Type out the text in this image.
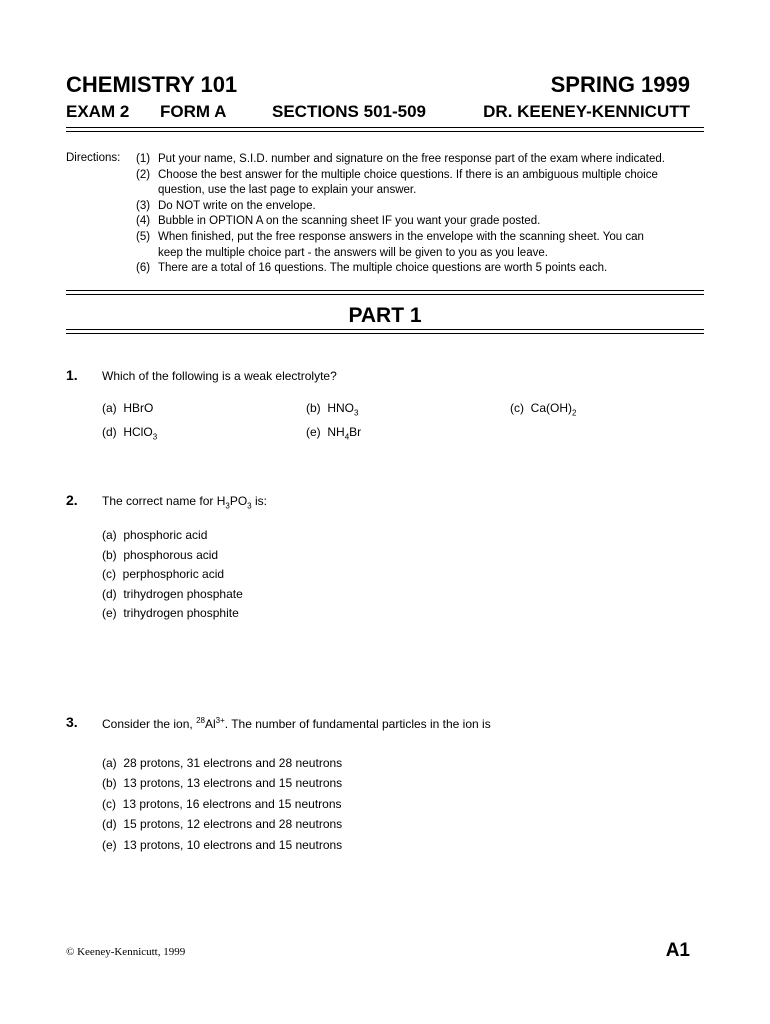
CHEMISTRY 101	SPRING 1999
EXAM 2 FORM A	SECTIONS 501-509	DR. KEENEY-KENNICUTT
Directions: (1) Put your name, S.I.D. number and signature on the free response part of the exam where indicated.
(2) Choose the best answer for the multiple choice questions. If there is an ambiguous multiple choice
question, use the last page to explain your answer.
(3) Do NOT write on the envelope.
(4) Bubble in OPTION A on the scanning sheet IF you want your grade posted.
(5) When finished, put the free response answers in the envelope with the scanning sheet. You can
keep the multiple choice part - the answers will be given to you as you leave.
(6) There are a total of 16 questions. The multiple choice questions are worth 5 points each.
PART 1
1. Which of the following is a weak electrolyte?
(a) HBrO	(b) $HNO_3$	(c) $Ca(OH)_2$
(d) HClO$_3$	(e) $NH_4Br$
2. The correct name for $H_3PO_3$ is:
(a) phosphoric acid
(b) phosphorous acid
(c) perphosphoric acid
(d) trihydrogen phosphate
(e) trihydrogen phosphite
3. Consider the ion, $^{28}Al^{3+}$. The number of fundamental particles in the ion is
(a) 28 protons, 31 electrons and 28 neutrons
(b) 13 protons, 13 electrons and 15 neutrons
(c) 13 protons, 16 electrons and 15 neutrons
(d) 15 protons, 12 electrons and 28 neutrons
(e) 13 protons, 10 electrons and 15 neutrons
© Keeney-Kennicutt, 1999	A1
